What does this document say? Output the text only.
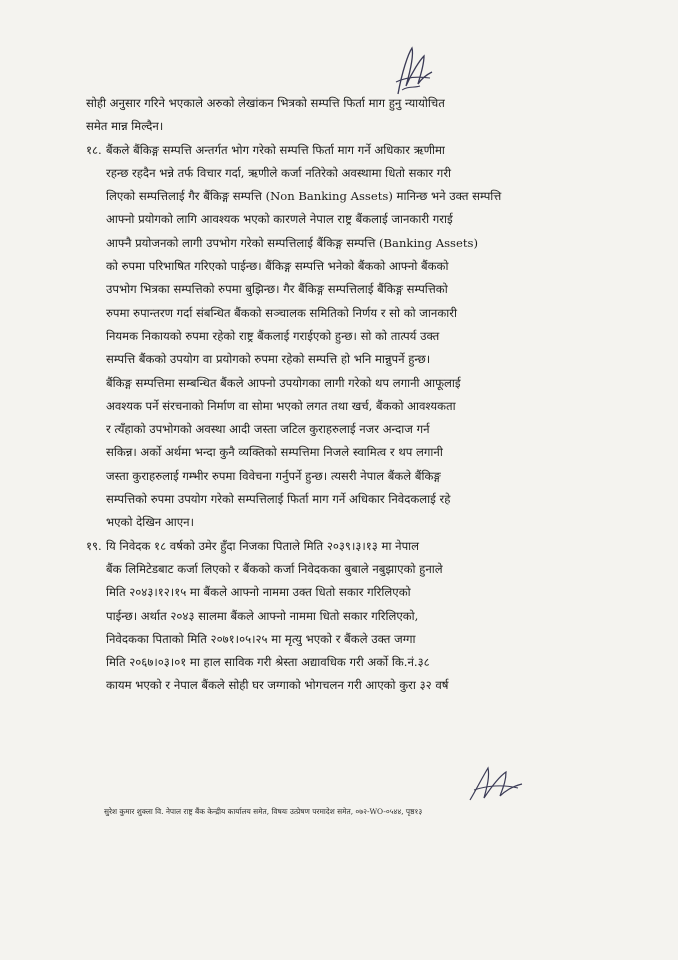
सोही अनुसार गरिने भएकाले अरुको लेखांकन भित्रको सम्पत्ति फिर्ता माग हुनु न्यायोचित
समेत मान्न मिल्दैन।
१८. बैंकले बैंकिङ्ग सम्पत्ति अन्तर्गत भोग गरेको सम्पत्ति फिर्ता माग गर्ने अधिकार ऋणीमा
रहन्छ रहदैन भन्ने तर्फ विचार गर्दा, ऋणीले कर्जा नतिरेको अवस्थामा धितो सकार गरी
लिएको सम्पत्तिलाई गैर बैंकिङ्ग सम्पत्ति (Non Banking Assets) मानिन्छ भने उक्त सम्पत्ति
आफ्नो प्रयोगको लागि आवश्यक भएको कारणले नेपाल राष्ट्र बैंकलाई जानकारी गराई
आफ्नै प्रयोजनको लागी उपभोग गरेको सम्पत्तिलाई बैंकिङ्ग सम्पत्ति (Banking Assets)
को रुपमा परिभाषित गरिएको पाईन्छ। बैंकिङ्ग सम्पत्ति भनेको बैंकको आफ्नो बैंकको
उपभोग भित्रका सम्पत्तिको रुपमा बुझिन्छ। गैर बैंकिङ्ग सम्पत्तिलाई बैंकिङ्ग सम्पत्तिको
रुपमा रुपान्तरण गर्दा संबन्धित बैंकको सञ्चालक समितिको निर्णय र सो को जानकारी
नियमक निकायको रुपमा रहेको राष्ट्र बैंकलाई गराईएको हुन्छ। सो को तात्पर्य उक्त
सम्पत्ति बैंकको उपयोग वा प्रयोगको रुपमा रहेको सम्पत्ति हो भनि मान्नुपर्ने हुन्छ।
बैंकिङ्ग सम्पत्तिमा सम्बन्धित बैंकले आफ्नो उपयोगका लागी गरेको थप लगानी आफूलाई
अवश्यक पर्ने संरचनाको निर्माण वा सोमा भएको लगत तथा खर्च, बैंकको आवश्यकता
र त्यँहाको उपभोगको अवस्था आदी जस्ता जटिल कुराहरुलाई नजर अन्दाज गर्न
सकिन्न। अर्को अर्थमा भन्दा कुनै व्यक्तिको सम्पत्तिमा निजले स्वामित्व र थप लगानी
जस्ता कुराहरुलाई गम्भीर रुपमा विवेचना गर्नुपर्ने हुन्छ। त्यसरी नेपाल बैंकले बैंकिङ्ग
सम्पत्तिको रुपमा उपयोग गरेको सम्पत्तिलाई फिर्ता माग गर्ने अधिकार निवेदकलाई रहे
भएको देखिन आएन।
१९. यि निवेदक १८ वर्षको उमेर हुँदा निजका पिताले मिति २०३९।३।१३ मा नेपाल
बैंक लिमिटेडबाट कर्जा लिएको र बैंकको कर्जा निवेदकका बुबाले नबुझाएको हुनाले
मिति २०४३।१२।१५ मा बैंकले आफ्नो नाममा उक्त धितो सकार गरिलिएको
पाईन्छ। अर्थात २०४३ सालमा बैंकले आफ्नो नाममा धितो सकार गरिलिएको,
निवेदकका पिताको मिति २०७१।०५।२५ मा मृत्यु भएको र बैंकले उक्त जग्गा
मिति २०६७।०३।०१ मा हाल साविक गरी श्रेस्ता अद्यावधिक गरी अर्को कि.नं.३८
कायम भएको र नेपाल बैंकले सोही घर जग्गाको भोगचलन गरी आएको कुरा ३२ वर्ष
सुरेश कुमार शुक्ला वि. नेपाल राष्ट्र बैंक केन्द्रीय कार्यालय समेत, विषयः उत्प्रेषण परमादेश समेत, ०७२-WO-०५४४, पृष्ठ१३
